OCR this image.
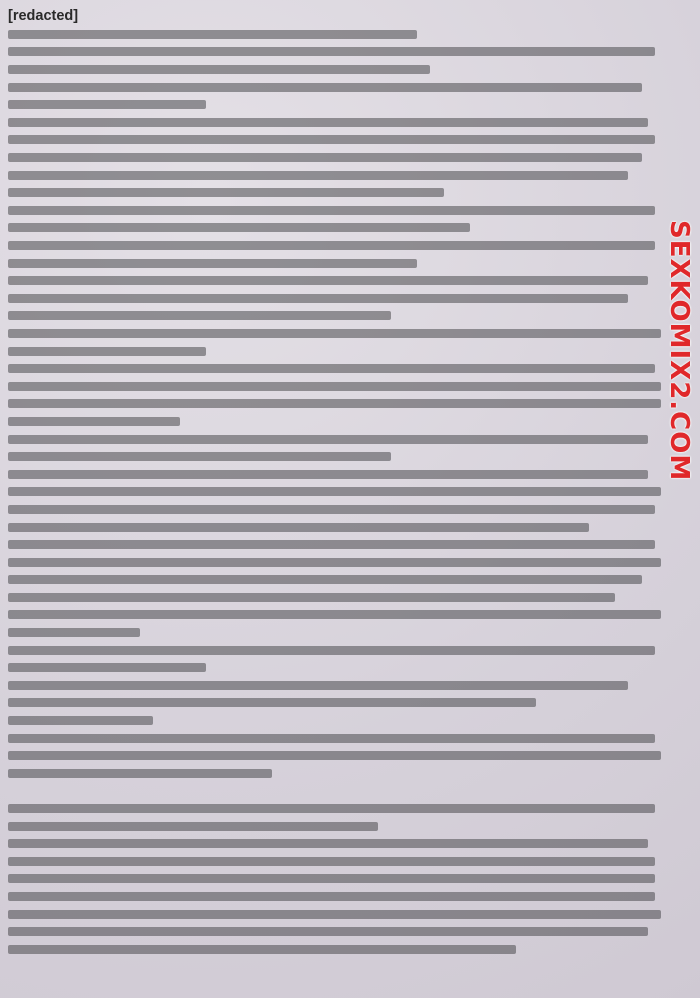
[redacted]
SEXKOMIX2.COM
